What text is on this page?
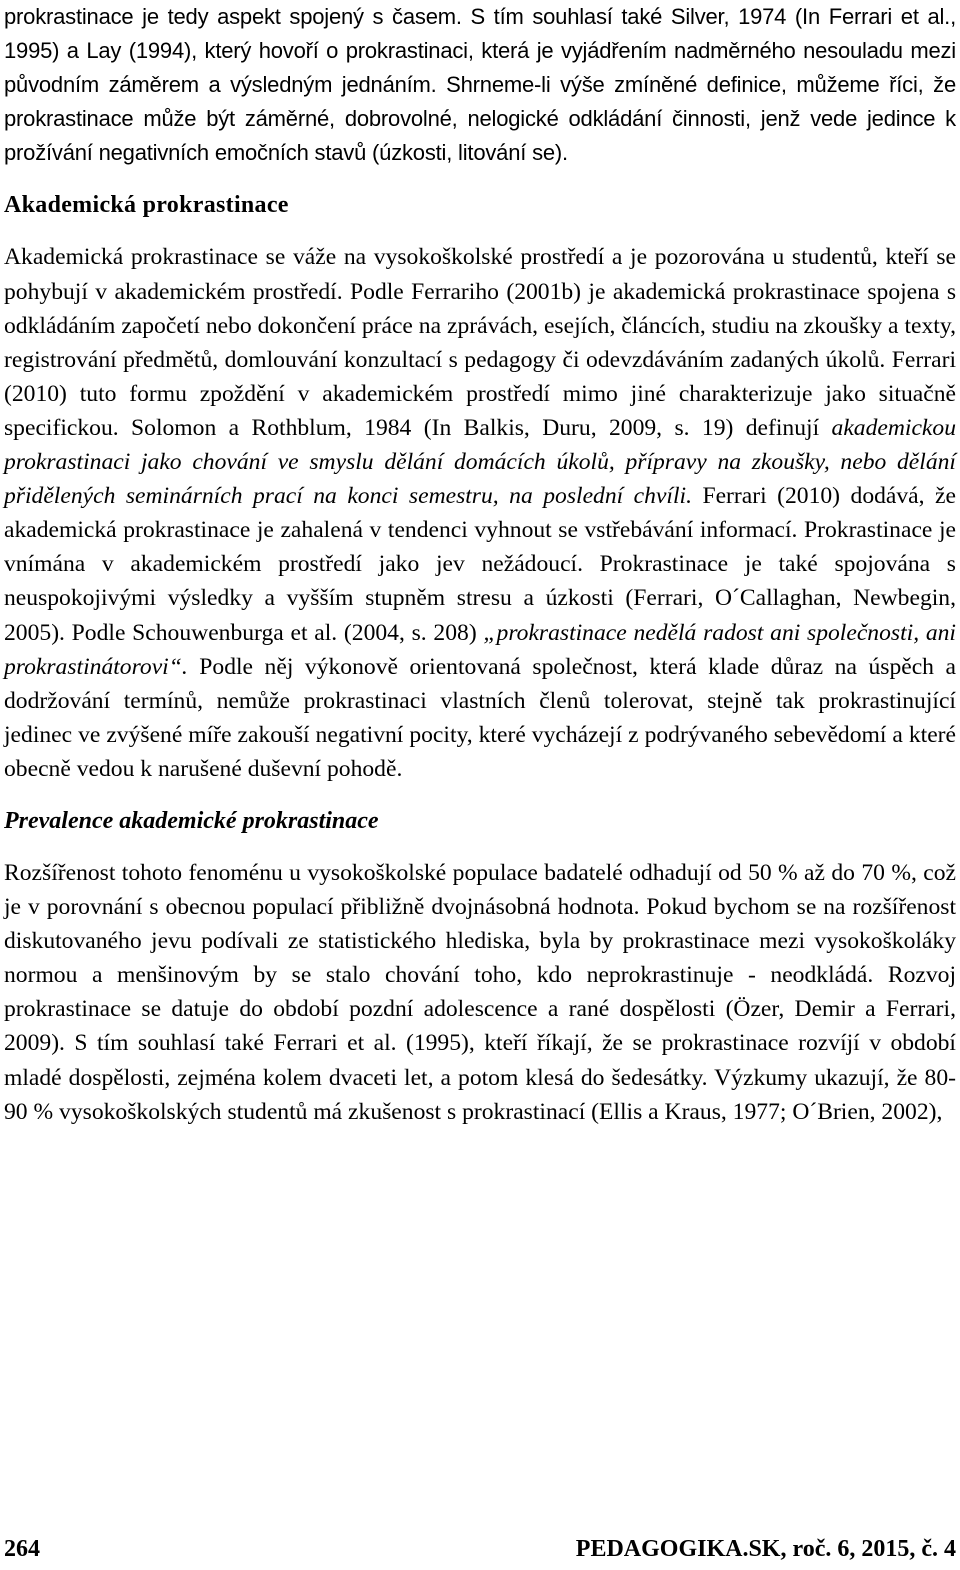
prokrastinace je tedy aspekt spojený s časem. S tím souhlasí také Silver, 1974 (In Ferrari et al., 1995) a Lay (1994), který hovoří o prokrastinaci, která je vyjádřením nadměrného nesouladu mezi původním záměrem a výsledným jednáním. Shrneme-li výše zmíněné definice, můžeme říci, že prokrastinace může být záměrné, dobrovolné, nelogické odkládání činnosti, jenž vede jedince k prožívání negativních emočních stavů (úzkosti, litování se).

Akademická prokrastinace

Akademická prokrastinace se váže na vysokoškolské prostředí a je pozorována u studentů, kteří se pohybují v akademickém prostředí. Podle Ferrariho (2001b) je akademická prokrastinace spojena s odkládáním započetí nebo dokončení práce na zprávách, esejích, článcích, studiu na zkoušky a texty, registrování předmětů, domlouvání konzultací s pedagogy či odevzdáváním zadaných úkolů. Ferrari (2010) tuto formu zpoždění v akademickém prostředí mimo jiné charakterizuje jako situačně specifickou. Solomon a Rothblum, 1984 (In Balkis, Duru, 2009, s. 19) definují akademickou prokrastinaci jako chování ve smyslu dělání domácích úkolů, přípravy na zkoušky, nebo dělání přidělených seminárních prací na konci semestru, na poslední chvíli. Ferrari (2010) dodává, že akademická prokrastinace je zahalená v tendenci vyhnout se vstřebávání informací. Prokrastinace je vnímána v akademickém prostředí jako jev nežádoucí. Prokrastinace je také spojována s neuspokojivými výsledky a vyšším stupněm stresu a úzkosti (Ferrari, O´Callaghan, Newbegin, 2005). Podle Schouwenburga et al. (2004, s. 208) „prokrastinace nedělá radost ani společnosti, ani prokrastinátorovi“. Podle něj výkonově orientovaná společnost, která klade důraz na úspěch a dodržování termínů, nemůže prokrastinaci vlastních členů tolerovat, stejně tak prokrastinující jedinec ve zvýšené míře zakouší negativní pocity, které vycházejí z podrývaného sebevědomí a které obecně vedou k narušené duševní pohodě.

Prevalence akademické prokrastinace

Rozšířenost tohoto fenoménu u vysokoškolské populace badatelé odhadují od 50 % až do 70 %, což je v porovnání s obecnou populací přibližně dvojnásobná hodnota. Pokud bychom se na rozšířenost diskutovaného jevu podívali ze statistického hlediska, byla by prokrastinace mezi vysokoškoláky normou a menšinovým by se stalo chování toho, kdo neprokrastinuje - neodkládá. Rozvoj prokrastinace se datuje do období pozdní adolescence a rané dospělosti (Özer, Demir a Ferrari, 2009). S tím souhlasí také Ferrari et al. (1995), kteří říkají, že se prokrastinace rozvíjí v období mladé dospělosti, zejména kolem dvaceti let, a potom klesá do šedesátky. Výzkumy ukazují, že 80-90 % vysokoškolských studentů má zkušenost s prokrastinací (Ellis a Kraus, 1977; O´Brien, 2002),

264	PEDAGOGIKA.SK, roč. 6, 2015, č. 4
